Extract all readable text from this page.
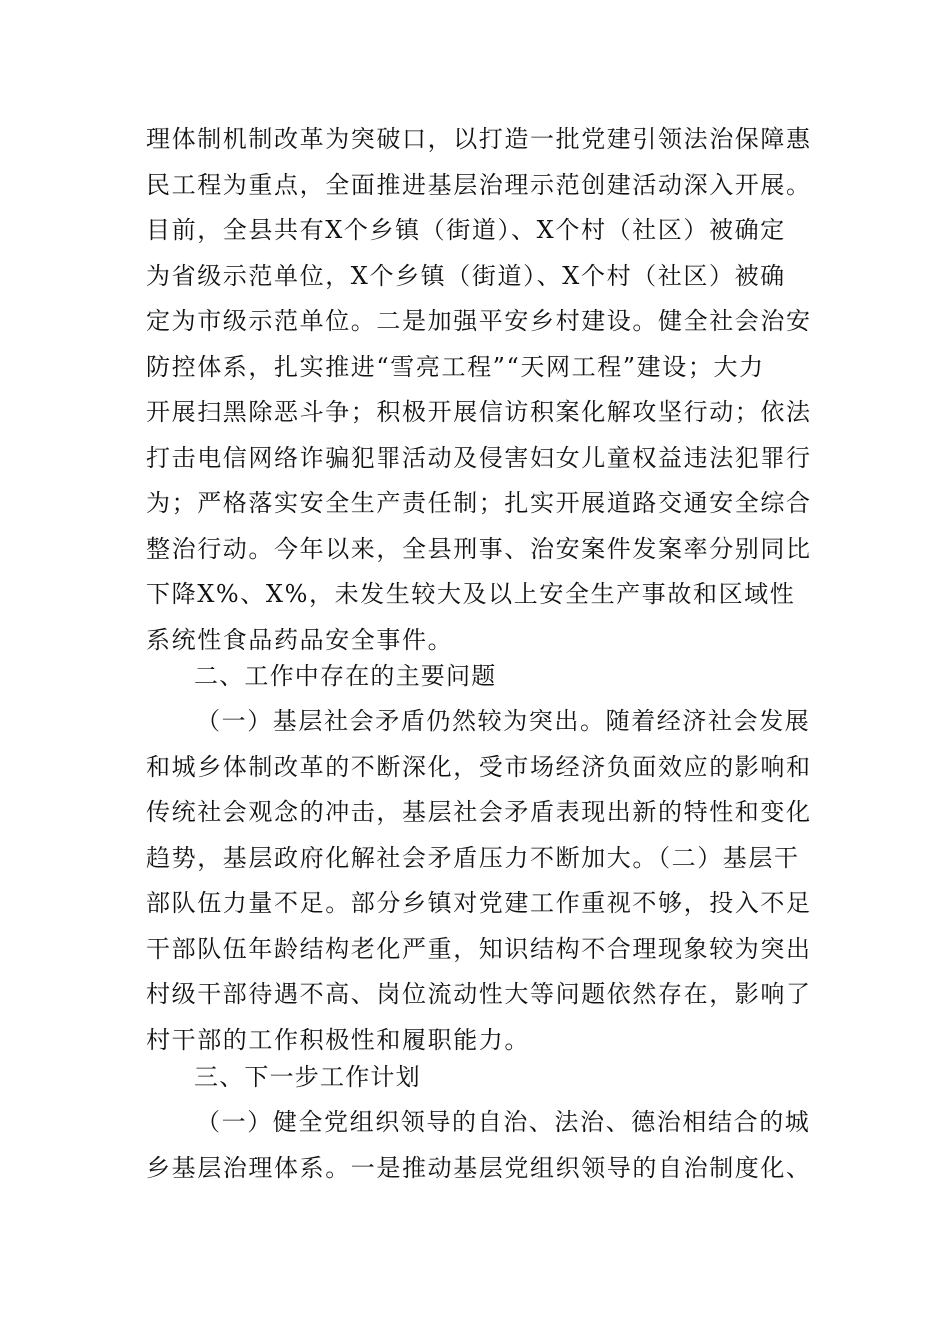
理体制机制改革为突破口，以打造一批党建引领法治保障惠
民工程为重点，全面推进基层治理示范创建活动深入开展。
目前，全县共有X个乡镇（街道）、X个村（社区）被确定
为省级示范单位，X个乡镇（街道）、X个村（社区）被确
定为市级示范单位。二是加强平安乡村建设。健全社会治安
防控体系，扎实推进“雪亮工程”“天网工程”建设；大力
开展扫黑除恶斗争；积极开展信访积案化解攻坚行动；依法
打击电信网络诈骗犯罪活动及侵害妇女儿童权益违法犯罪行
为；严格落实安全生产责任制；扎实开展道路交通安全综合
整治行动。今年以来，全县刑事、治安案件发案率分别同比
下降X%、X%，未发生较大及以上安全生产事故和区域性
系统性食品药品安全事件。
二、工作中存在的主要问题
（一）基层社会矛盾仍然较为突出。随着经济社会发展
和城乡体制改革的不断深化，受市场经济负面效应的影响和
传统社会观念的冲击，基层社会矛盾表现出新的特性和变化
趋势，基层政府化解社会矛盾压力不断加大。（二）基层干
部队伍力量不足。部分乡镇对党建工作重视不够，投入不足
干部队伍年龄结构老化严重，知识结构不合理现象较为突出
村级干部待遇不高、岗位流动性大等问题依然存在，影响了
村干部的工作积极性和履职能力。
三、下一步工作计划
（一）健全党组织领导的自治、法治、德治相结合的城
乡基层治理体系。一是推动基层党组织领导的自治制度化、
